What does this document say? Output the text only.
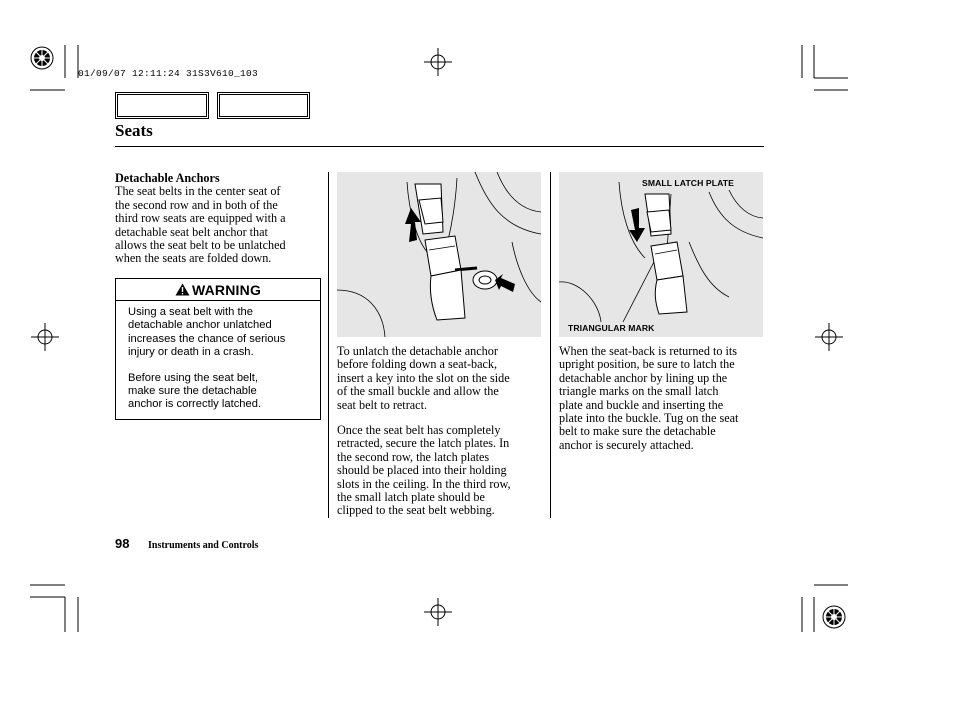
01/09/07 12:11:24 31S3V610_103
Seats
Detachable Anchors
The seat belts in the center seat of
the second row and in both of the
third row seats are equipped with a
detachable seat belt anchor that
allows the seat belt to be unlatched
when the seats are folded down.
WARNING
Using a seat belt with the
detachable anchor unlatched
increases the chance of serious
injury or death in a crash.
Before using the seat belt,
make sure the detachable
anchor is correctly latched.
To unlatch the detachable anchor
before folding down a seat-back,
insert a key into the slot on the side
of the small buckle and allow the
seat belt to retract.
Once the seat belt has completely
retracted, secure the latch plates. In
the second row, the latch plates
should be placed into their holding
slots in the ceiling. In the third row,
the small latch plate should be
clipped to the seat belt webbing.
SMALL LATCH PLATE
TRIANGULAR MARK
When the seat-back is returned to its
upright position, be sure to latch the
detachable anchor by lining up the
triangle marks on the small latch
plate and buckle and inserting the
plate into the buckle. Tug on the seat
belt to make sure the detachable
anchor is securely attached.
98 Instruments and Controls
